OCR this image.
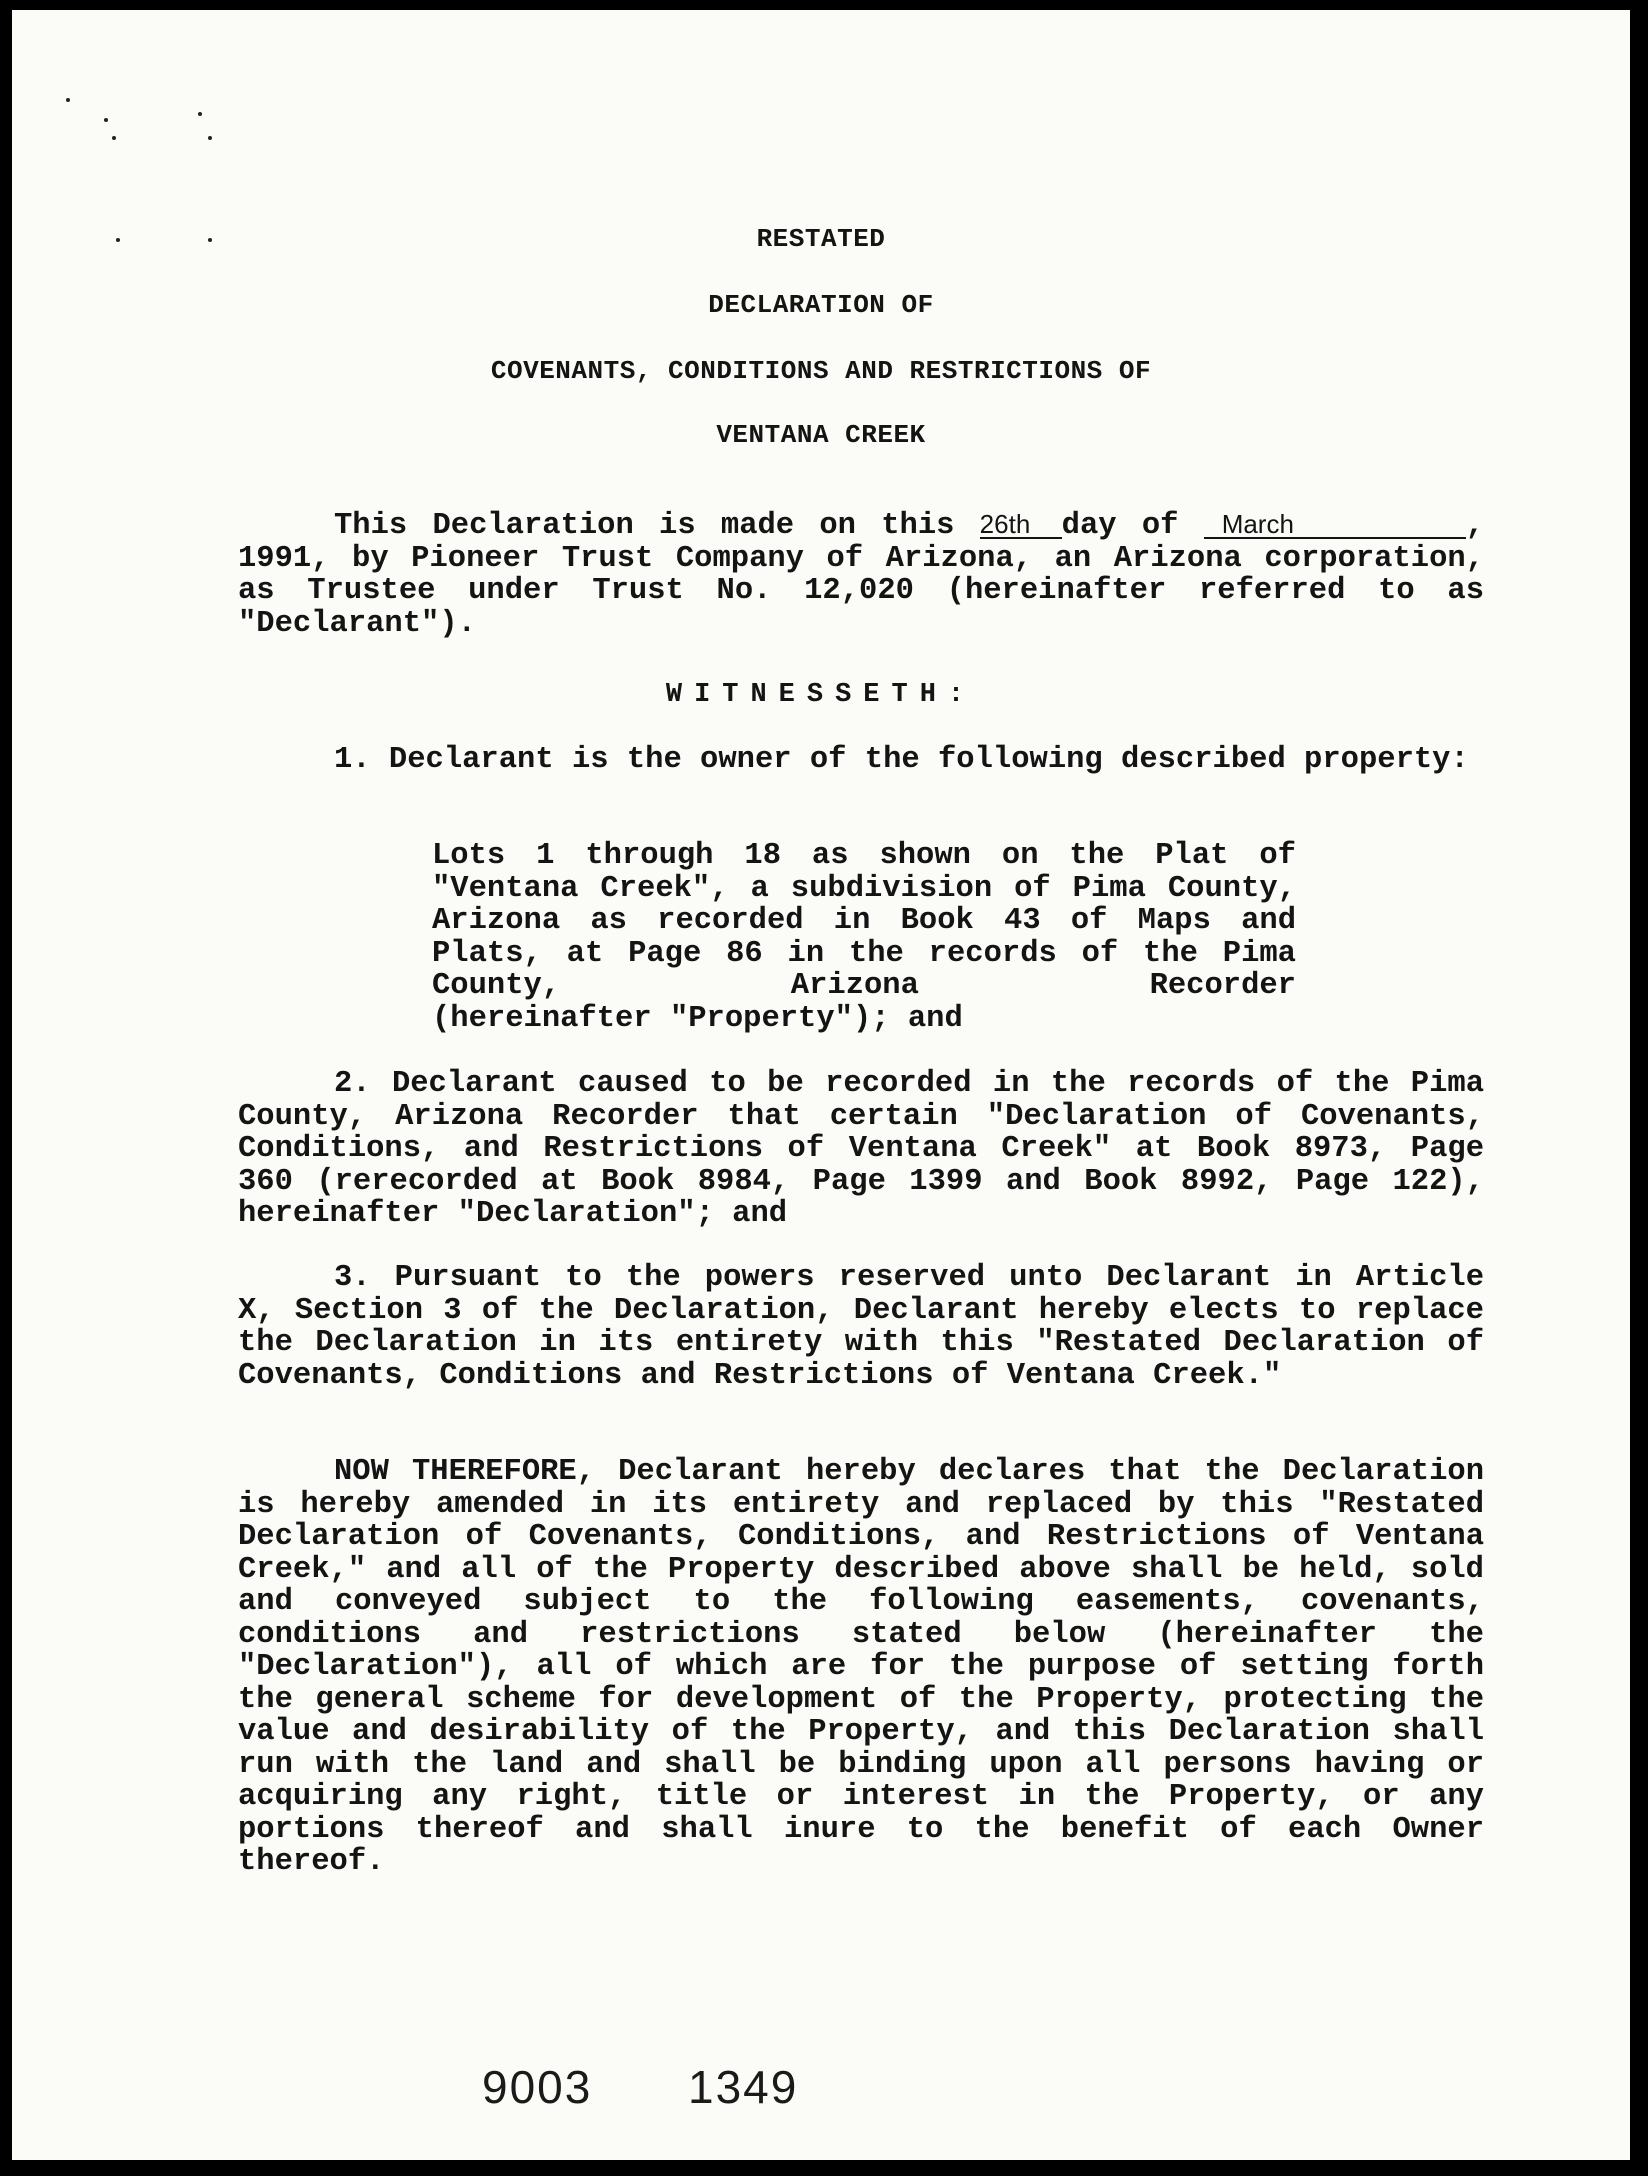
RESTATED
DECLARATION OF
COVENANTS, CONDITIONS AND RESTRICTIONS OF
VENTANA CREEK
This Declaration is made on this 26th day of March	, 1991, by Pioneer Trust Company of Arizona, an Arizona corporation, as Trustee under Trust No. 12,020 (hereinafter referred to as "Declarant").
WITNESSETH:
1. Declarant is the owner of the following described property:
Lots 1 through 18 as shown on the Plat of "Ventana Creek", a subdivision of Pima County, Arizona as recorded in Book 43 of Maps and Plats, at Page 86 in the records of the Pima County, Arizona Recorder
(hereinafter "Property"); and
2. Declarant caused to be recorded in the records of the Pima County, Arizona Recorder that certain "Declaration of Covenants, Conditions, and Restrictions of Ventana Creek" at Book 8973, Page 360 (rerecorded at Book 8984, Page 1399 and Book 8992, Page 122), hereinafter "Declaration"; and
3. Pursuant to the powers reserved unto Declarant in Article X, Section 3 of the Declaration, Declarant hereby elects to replace the Declaration in its entirety with this "Restated Declaration of Covenants, Conditions and Restrictions of Ventana Creek."
NOW THEREFORE, Declarant hereby declares that the Declaration is hereby amended in its entirety and replaced by this "Restated Declaration of Covenants, Conditions, and Restrictions of Ventana Creek," and all of the Property described above shall be held, sold and conveyed subject to the following easements, covenants, conditions and restrictions stated below (hereinafter the "Declaration"), all of which are for the purpose of setting forth the general scheme for development of the Property, protecting the value and desirability of the Property, and this Declaration shall run with the land and shall be binding upon all persons having or acquiring any right, title or interest in the Property, or any portions thereof and shall inure to the benefit of each Owner thereof.
9003 1349
